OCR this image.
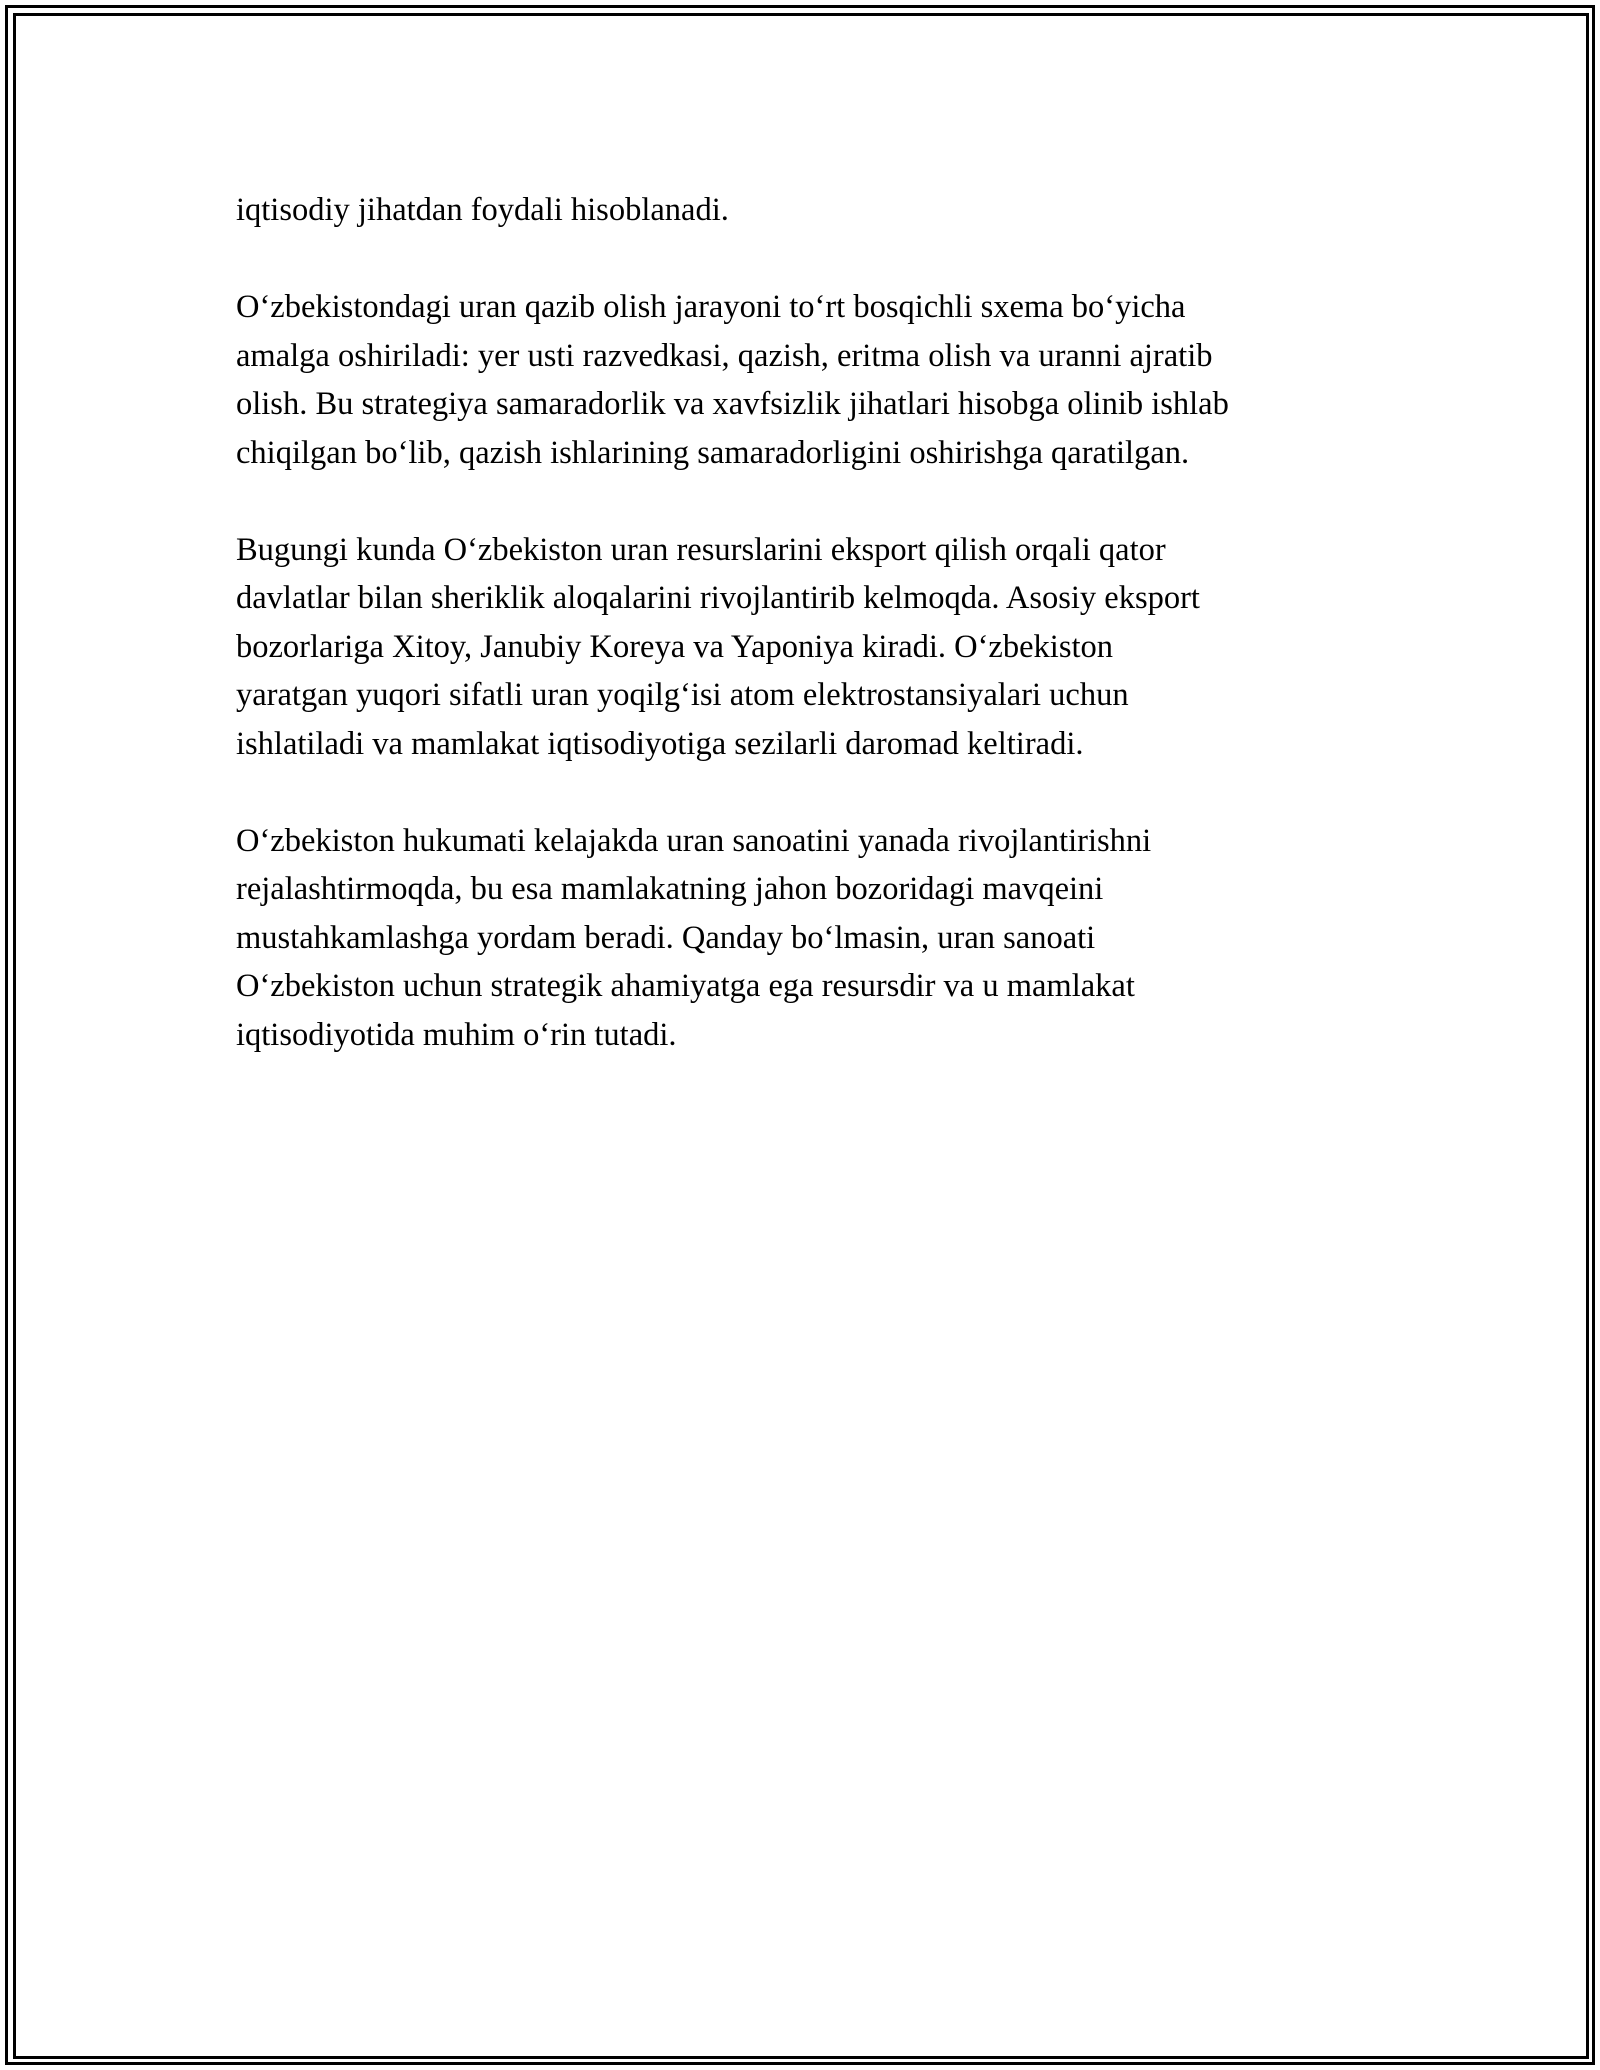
iqtisodiy jihatdan foydali hisoblanadi.

O‘zbekistondagi uran qazib olish jarayoni to‘rt bosqichli sxema bo‘yicha
amalga oshiriladi: yer usti razvedkasi, qazish, eritma olish va uranni ajratib
olish. Bu strategiya samaradorlik va xavfsizlik jihatlari hisobga olinib ishlab
chiqilgan bo‘lib, qazish ishlarining samaradorligini oshirishga qaratilgan.

Bugungi kunda O‘zbekiston uran resurslarini eksport qilish orqali qator
davlatlar bilan sheriklik aloqalarini rivojlantirib kelmoqda. Asosiy eksport
bozorlariga Xitoy, Janubiy Koreya va Yaponiya kiradi. O‘zbekiston
yaratgan yuqori sifatli uran yoqilg‘isi atom elektrostansiyalari uchun
ishlatiladi va mamlakat iqtisodiyotiga sezilarli daromad keltiradi.

O‘zbekiston hukumati kelajakda uran sanoatini yanada rivojlantirishni
rejalashtirmoqda, bu esa mamlakatning jahon bozoridagi mavqeini
mustahkamlashga yordam beradi. Qanday bo‘lmasin, uran sanoati
O‘zbekiston uchun strategik ahamiyatga ega resursdir va u mamlakat
iqtisodiyotida muhim o‘rin tutadi.
